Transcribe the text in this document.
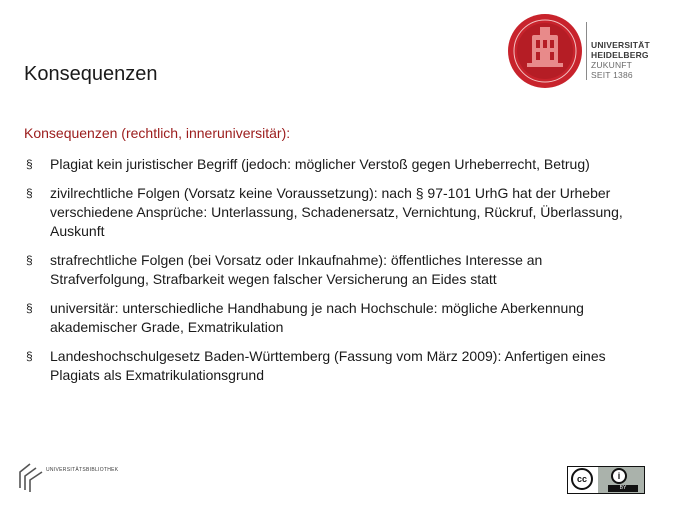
Konsequenzen
UNIVERSITÄT
HEIDELBERG
ZUKUNFT
SEIT 1386
Konsequenzen (rechtlich, inneruniversitär):
§ Plagiat kein juristischer Begriff (jedoch: möglicher Verstoß gegen Urheberrecht, Betrug)
§ zivilrechtliche Folgen (Vorsatz keine Voraussetzung): nach § 97-101 UrhG hat der Urheber verschiedene Ansprüche: Unterlassung, Schadenersatz, Vernichtung, Rückruf, Überlassung, Auskunft
§ strafrechtliche Folgen (bei Vorsatz oder Inkaufnahme): öffentliches Interesse an Strafverfolgung, Strafbarkeit wegen falscher Versicherung an Eides statt
§ universitär: unterschiedliche Handhabung je nach Hochschule: mögliche Aberkennung akademischer Grade, Exmatrikulation
§ Landeshochschulgesetz Baden-Württemberg (Fassung vom März 2009): Anfertigen eines Plagiats als Exmatrikulationsgrund
UNIVERSITÄTSBIBLIOTHEK
cc	i
BY
